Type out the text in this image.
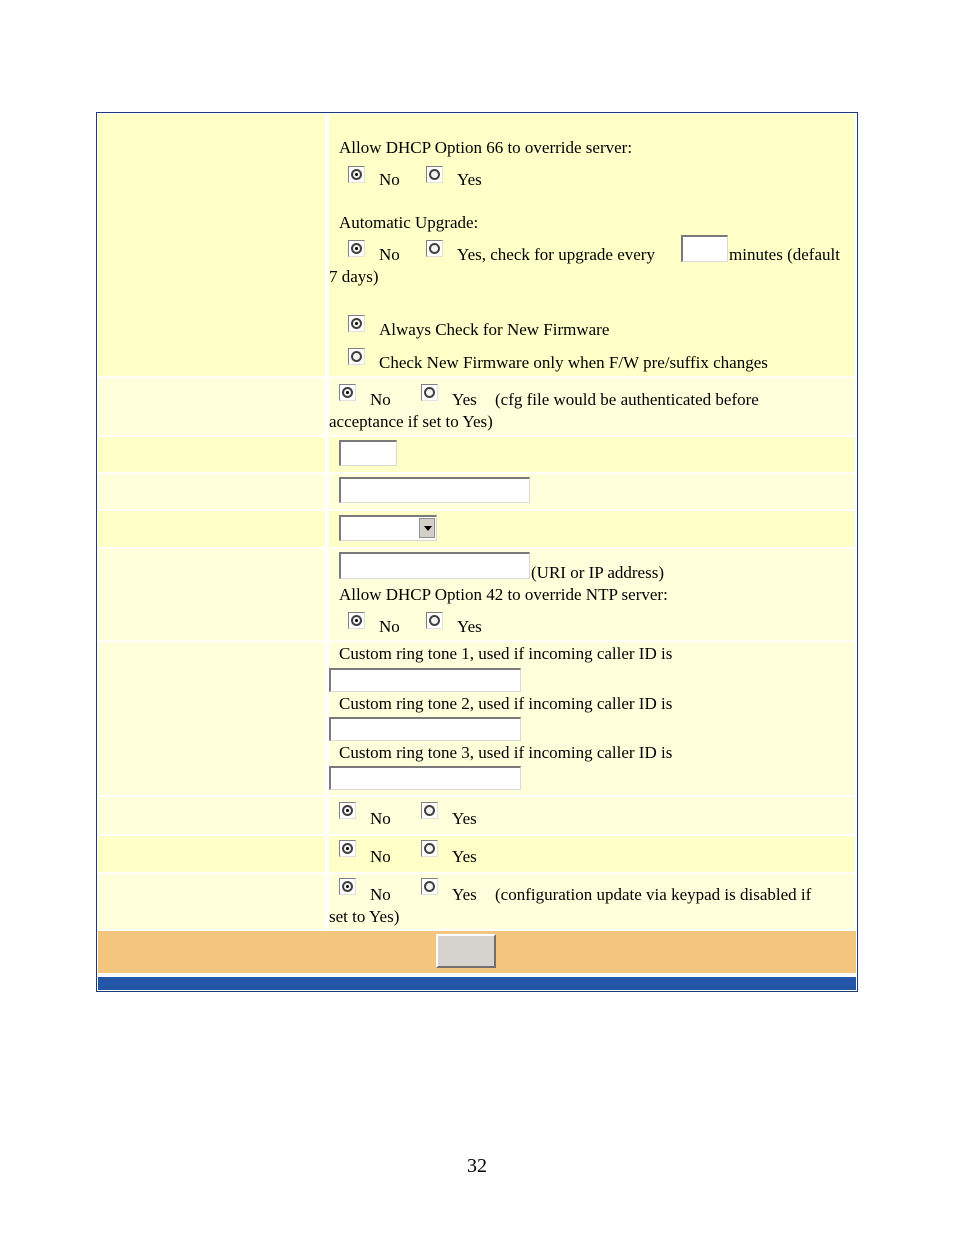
Allow DHCP Option 66 to override server:
No	Yes
Automatic Upgrade:
No	Yes, check for upgrade every	minutes (default
7 days)
Always Check for New Firmware
Check New Firmware only when F/W pre/suffix changes
No	Yes (cfg file would be authenticated before
acceptance if set to Yes)
(URI or IP address)
Allow DHCP Option 42 to override NTP server:
No	Yes
Custom ring tone 1, used if incoming caller ID is
Custom ring tone 2, used if incoming caller ID is
Custom ring tone 3, used if incoming caller ID is
No	Yes
No	Yes
No	Yes (configuration update via keypad is disabled if
set to Yes)
32
